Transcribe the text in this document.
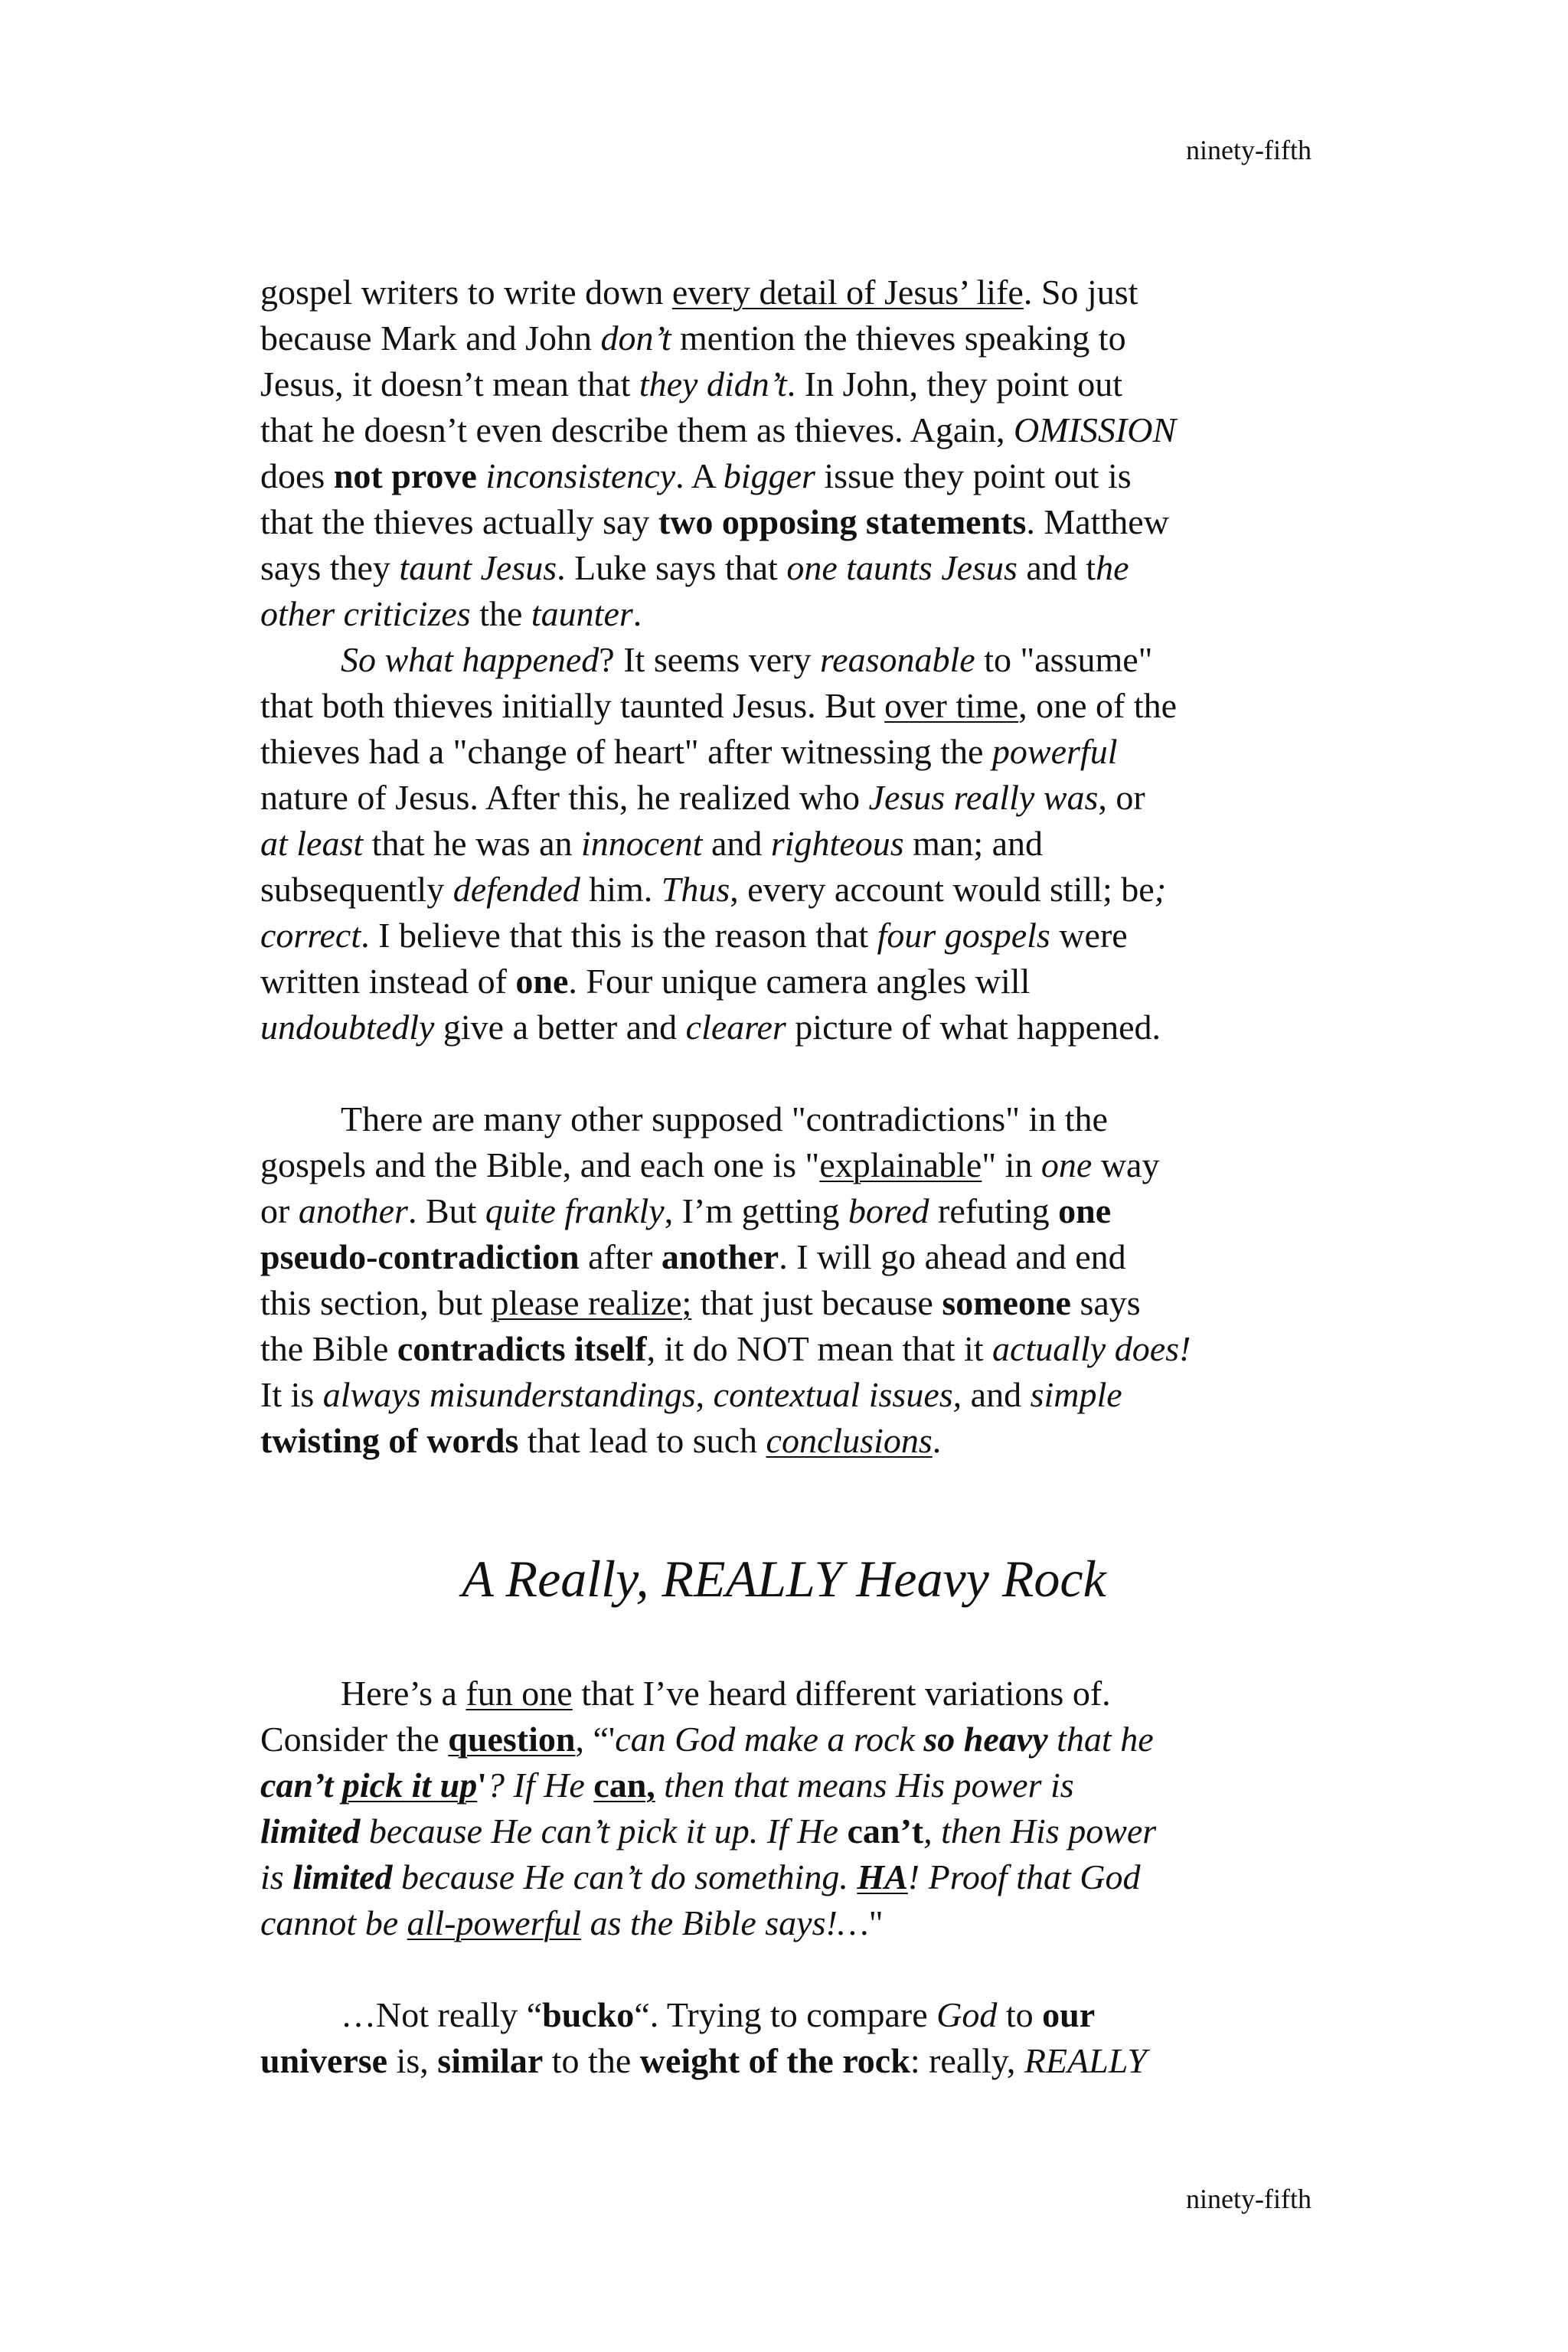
ninety-fifth
gospel writers to write down every detail of Jesus’ life. So just
because Mark and John don’t mention the thieves speaking to
Jesus, it doesn’t mean that they didn’t. In John, they point out
that he doesn’t even describe them as thieves. Again, OMISSION
does not prove inconsistency. A bigger issue they point out is
that the thieves actually say two opposing statements. Matthew
says they taunt Jesus. Luke says that one taunts Jesus and the
other criticizes the taunter.
So what happened? It seems very reasonable to "assume"
that both thieves initially taunted Jesus. But over time, one of the
thieves had a "change of heart" after witnessing the powerful
nature of Jesus. After this, he realized who Jesus really was, or
at least that he was an innocent and righteous man; and
subsequently defended him. Thus, every account would still; be;
correct. I believe that this is the reason that four gospels were
written instead of one. Four unique camera angles will
undoubtedly give a better and clearer picture of what happened.
There are many other supposed "contradictions" in the
gospels and the Bible, and each one is "explainable" in one way
or another. But quite frankly, I’m getting bored refuting one
pseudo-contradiction after another. I will go ahead and end
this section, but please realize; that just because someone says
the Bible contradicts itself, it do NOT mean that it actually does!
It is always misunderstandings, contextual issues, and simple
twisting of words that lead to such conclusions.
A Really, REALLY Heavy Rock
Here’s a fun one that I’ve heard different variations of.
Consider the question, “'can God make a rock so heavy that he
can’t pick it up'? If He can, then that means His power is
limited because He can’t pick it up. If He can’t, then His power
is limited because He can’t do something. HA! Proof that God
cannot be all-powerful as the Bible says!…"
…Not really “bucko“. Trying to compare God to our
universe is, similar to the weight of the rock: really, REALLY
ninety-fifth
